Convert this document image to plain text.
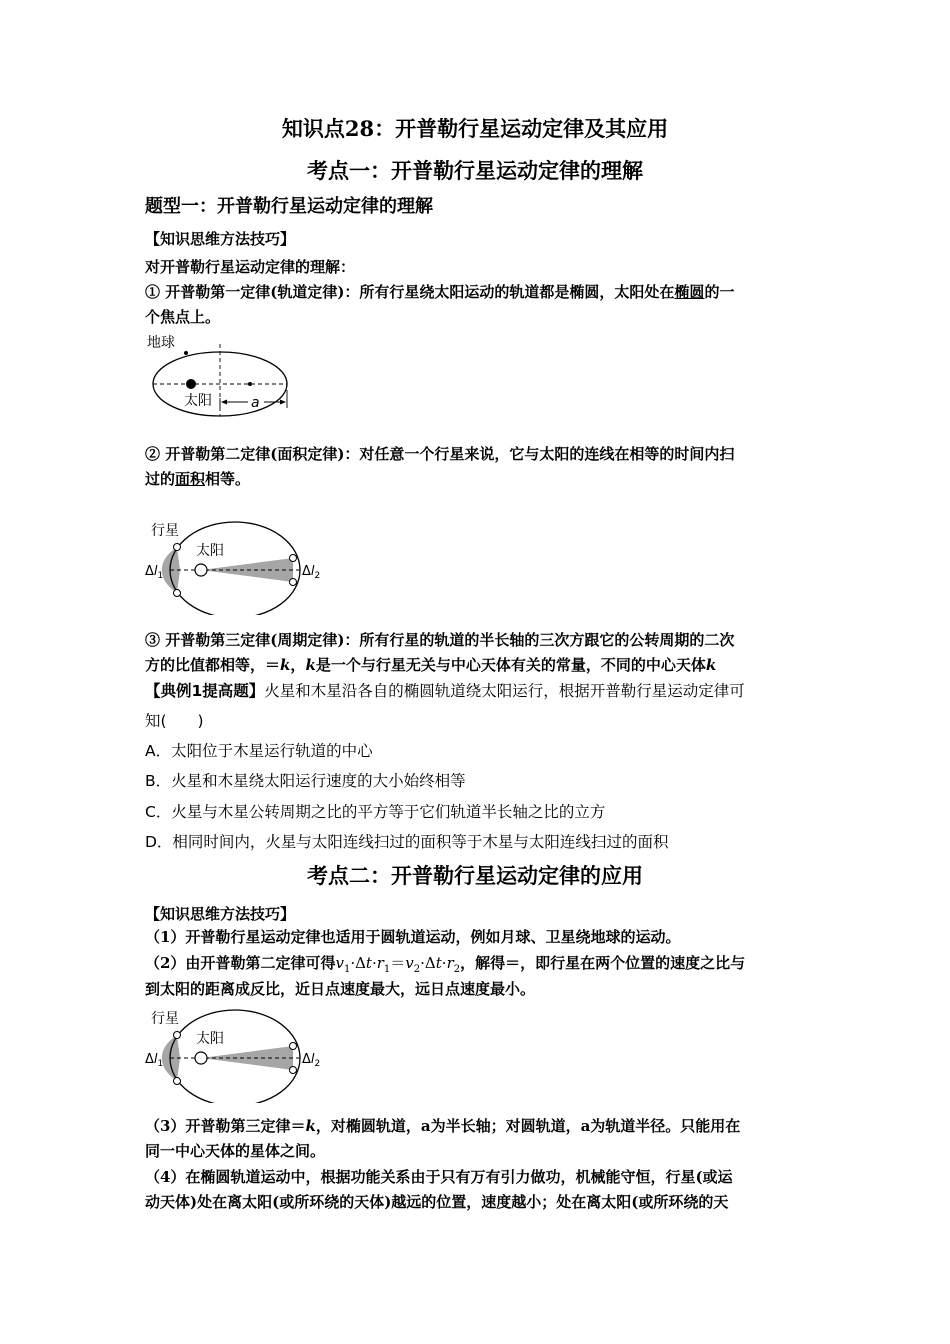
知识点28：开普勒行星运动定律及其应用
考点一：开普勒行星运动定律的理解
题型一：开普勒行星运动定律的理解
【知识思维方法技巧】
对开普勒行星运动定律的理解：
① 开普勒第一定律(轨道定律)：所有行星绕太阳运动的轨道都是椭圆，太阳处在椭圆的一
个焦点上。
地球
太阳	a
② 开普勒第二定律(面积定律)：对任意一个行星来说，它与太阳的连线在相等的时间内扫
过的面积相等。
行星
太阳
$\Delta l_1$	$\Delta l_2$
③ 开普勒第三定律(周期定律)：所有行星的轨道的半长轴的三次方跟它的公转周期的二次
方的比值都相等，＝k，k是一个与行星无关与中心天体有关的常量，不同的中心天体k
【典例1提高题】火星和木星沿各自的椭圆轨道绕太阳运行，根据开普勒行星运动定律可
知(　　)
A．太阳位于木星运行轨道的中心
B．火星和木星绕太阳运行速度的大小始终相等
C．火星与木星公转周期之比的平方等于它们轨道半长轴之比的立方
D．相同时间内，火星与太阳连线扫过的面积等于木星与太阳连线扫过的面积
考点二：开普勒行星运动定律的应用
【知识思维方法技巧】
（1）开普勒行星运动定律也适用于圆轨道运动，例如月球、卫星绕地球的运动。
（2）由开普勒第二定律可得$v_1\cdot\Delta t\cdot r_1=v_2\cdot\Delta t\cdot r_2$，解得＝，即行星在两个位置的速度之比与
到太阳的距离成反比，近日点速度最大，远日点速度最小。
行星
太阳
$\Delta l_1$	$\Delta l_2$
（3）开普勒第三定律＝k，对椭圆轨道，a为半长轴；对圆轨道，a为轨道半径。只能用在
同一中心天体的星体之间。
（4）在椭圆轨道运动中，根据功能关系由于只有万有引力做功，机械能守恒，行星(或运
动天体)处在离太阳(或所环绕的天体)越远的位置，速度越小；处在离太阳(或所环绕的天
